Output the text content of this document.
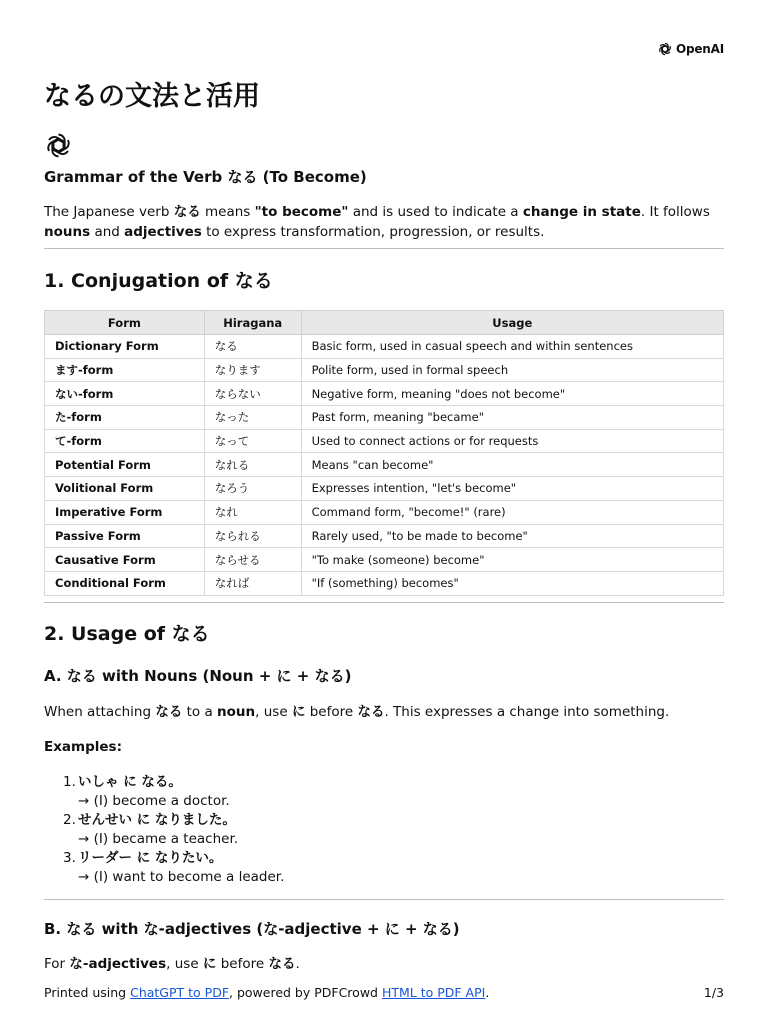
OpenAI
なるの文法と活用
Grammar of the Verb なる (To Become)

The Japanese verb なる means "to become" and is used to indicate a change in state. It follows nouns and adjectives to express transformation, progression, or results.

1. Conjugation of なる
Form	Hiragana	Usage
Dictionary Form	なる	Basic form, used in casual speech and within sentences
ます-form	なります	Polite form, used in formal speech
ない-form	ならない	Negative form, meaning "does not become"
た-form	なった	Past form, meaning "became"
て-form	なって	Used to connect actions or for requests
Potential Form	なれる	Means "can become"
Volitional Form	なろう	Expresses intention, "let's become"
Imperative Form	なれ	Command form, "become!" (rare)
Passive Form	なられる	Rarely used, "to be made to become"
Causative Form	ならせる	"To make (someone) become"
Conditional Form	なれば	"If (something) becomes"
2. Usage of なる
A. なる with Nouns (Noun + に + なる)

When attaching なる to a noun, use に before なる. This expresses a change into something.

Examples:
1. いしゃ に なる。
→ (I) become a doctor.
2. せんせい に なりました。
→ (I) became a teacher.
3. リーダー に なりたい。
→ (I) want to become a leader.
B. なる with な-adjectives (な-adjective + に + なる)

For な-adjectives, use に before なる.

Printed using ChatGPT to PDF, powered by PDFCrowd HTML to PDF API.	1/3
